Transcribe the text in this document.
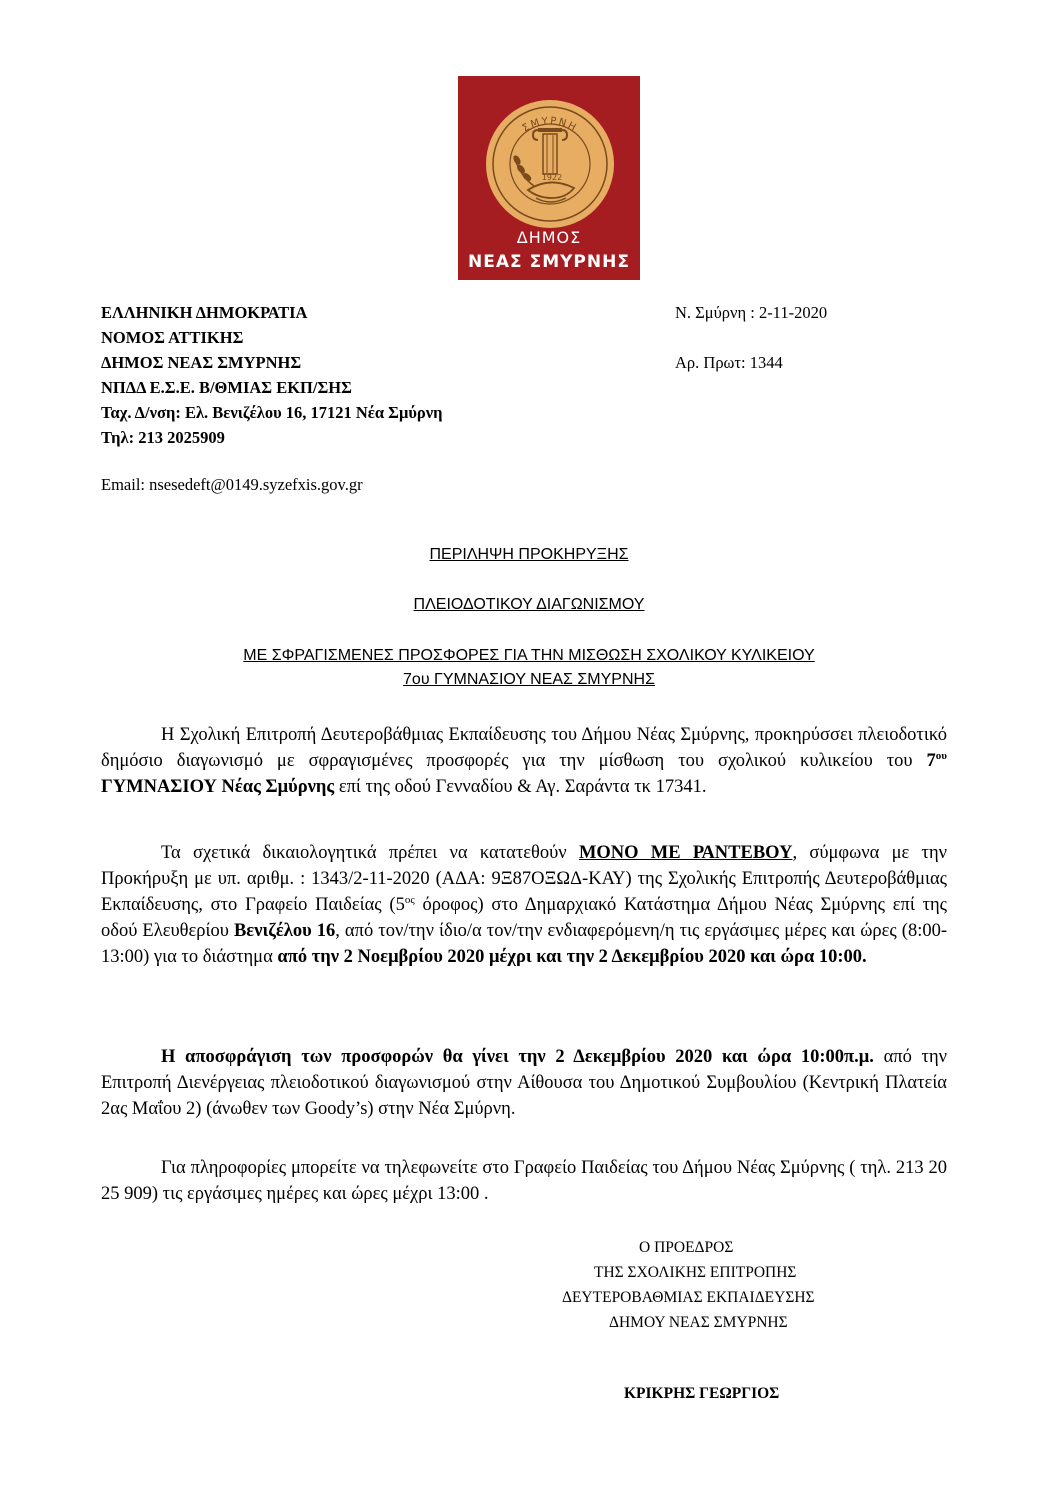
ΣΜΥΡΝΗ
1922
ΔΗΜΟΣ
ΝΕΑΣ ΣΜΥΡΝΗΣ
ΕΛΛΗΝΙΚΗ ΔΗΜΟΚΡΑΤΙΑ
ΝΟΜΟΣ ΑΤΤΙΚΗΣ
ΔΗΜΟΣ ΝΕΑΣ ΣΜΥΡΝΗΣ
ΝΠΔΔ Ε.Σ.Ε. Β/ΘΜΙΑΣ ΕΚΠ/ΣΗΣ
Ταχ. Δ/νση: Ελ. Βενιζέλου 16, 17121 Νέα Σμύρνη
Τηλ: 213 2025909
Email: nsesedeft@0149.syzefxis.gov.gr
Ν. Σμύρνη : 2-11-2020
Αρ. Πρωτ: 1344
ΠΕΡΙΛΗΨΗ ΠΡΟΚΗΡΥΞΗΣ
ΠΛΕΙΟΔΟΤΙΚΟΥ ΔΙΑΓΩΝΙΣΜΟΥ
ΜΕ ΣΦΡΑΓΙΣΜΕΝΕΣ ΠΡΟΣΦΟΡΕΣ ΓΙΑ ΤΗΝ ΜΙΣΘΩΣΗ ΣΧΟΛΙΚΟΥ ΚΥΛΙΚΕΙΟΥ
7ου ΓΥΜΝΑΣΙΟΥ ΝΕΑΣ ΣΜΥΡΝΗΣ
Η Σχολική Επιτροπή Δευτεροβάθμιας Εκπαίδευσης του Δήμου Νέας Σμύρνης, προκηρύσσει πλειοδοτικό δημόσιο διαγωνισμό με σφραγισμένες προσφορές για την μίσθωση του σχολικού κυλικείου του $7^{o\upsilon}$ ΓΥΜΝΑΣΙΟΥ Νέας Σμύρνης επί της οδού Γενναδίου & Αγ. Σαράντα τκ 17341.
Τα σχετικά δικαιολογητικά πρέπει να κατατεθούν ΜΟΝΟ ΜΕ ΡΑΝΤΕΒΟΥ, σύμφωνα με την Προκήρυξη με υπ. αριθμ. : 1343/2-11-2020 (ΑΔΑ: 9Ξ87ΟΞΩΔ-ΚΑΥ) της Σχολικής Επιτροπής Δευτεροβάθμιας Εκπαίδευσης, στο Γραφείο Παιδείας ($5^{o\varsigma}$ όροφος) στο Δημαρχιακό Κατάστημα Δήμου Νέας Σμύρνης επί της οδού Ελευθερίου Βενιζέλου 16, από τον/την ίδιο/α τον/την ενδιαφερόμενη/η τις εργάσιμες μέρες και ώρες (8:00-13:00) για το διάστημα από την 2 Νοεμβρίου 2020 μέχρι και την 2 Δεκεμβρίου 2020 και ώρα 10:00.
Η αποσφράγιση των προσφορών θα γίνει την 2 Δεκεμβρίου 2020 και ώρα 10:00π.μ. από την Επιτροπή Διενέργειας πλειοδοτικού διαγωνισμού στην Αίθουσα του Δημοτικού Συμβουλίου (Κεντρική Πλατεία 2ας Μαΐου 2) (άνωθεν των Goody’s) στην Νέα Σμύρνη.
Για πληροφορίες μπορείτε να τηλεφωνείτε στο Γραφείο Παιδείας του Δήμου Νέας Σμύρνης ( τηλ. 213 20 25 909) τις εργάσιμες ημέρες και ώρες μέχρι 13:00 .
Ο ΠΡΟΕΔΡΟΣ
ΤΗΣ ΣΧΟΛΙΚΗΣ ΕΠΙΤΡΟΠΗΣ
ΔΕΥΤΕΡΟΒΑΘΜΙΑΣ ΕΚΠΑΙΔΕΥΣΗΣ
ΔΗΜΟΥ ΝΕΑΣ ΣΜΥΡΝΗΣ
ΚΡΙΚΡΗΣ ΓΕΩΡΓΙΟΣ
